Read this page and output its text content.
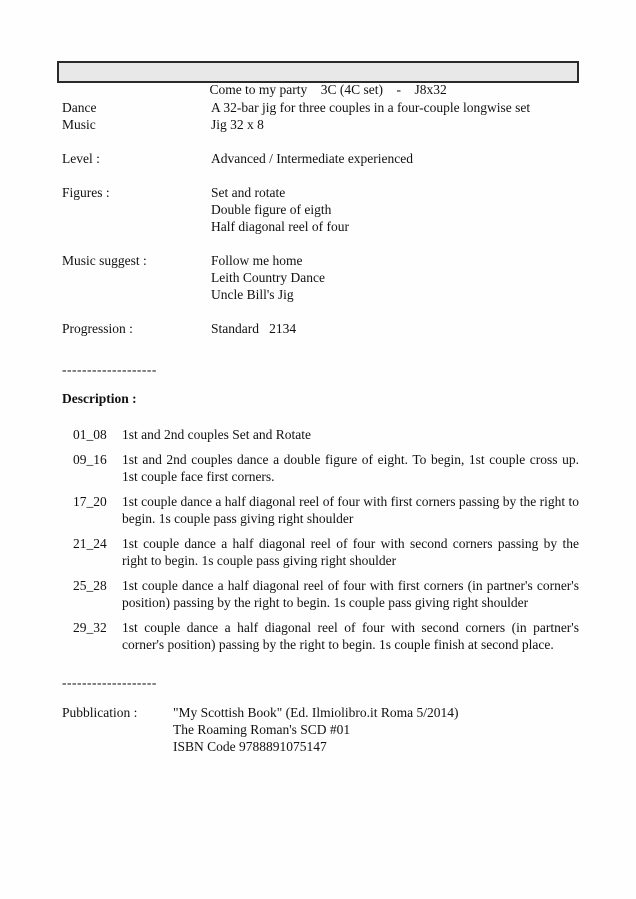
Come to my party    3C (4C set)    -    J8x32

Dance	A 32-bar jig for three couples in a four-couple longwise set
Music	Jig 32 x 8
Level :	Advanced / Intermediate experienced
Figures :	Set and rotate
Double figure of eigth
Half diagonal reel of four
Music suggest :	Follow me home
Leith Country Dance
Uncle Bill's Jig
Progression :	Standard   2134
-------------------
Description :
01_08	1st and 2nd couples Set and Rotate
09_16	1st and 2nd couples dance a double figure of eight. To begin, 1st couple cross up. 1st couple face first corners.
17_20	1st couple dance a half diagonal reel of four with first corners passing by the right to begin. 1s couple pass giving right shoulder
21_24	1st couple dance a half diagonal reel of four with second corners passing by the right to begin. 1s couple pass giving right shoulder
25_28	1st couple dance a half diagonal reel of four with first corners (in partner's corner's position) passing by the right to begin. 1s couple pass giving right shoulder
29_32	1st couple dance a half diagonal reel of four with second corners (in partner's corner's position) passing by the right to begin. 1s couple finish at second place.
-------------------
Pubblication :	"My Scottish Book" (Ed. Ilmiolibro.it Roma 5/2014)
The Roaming Roman's SCD #01
ISBN Code 9788891075147
